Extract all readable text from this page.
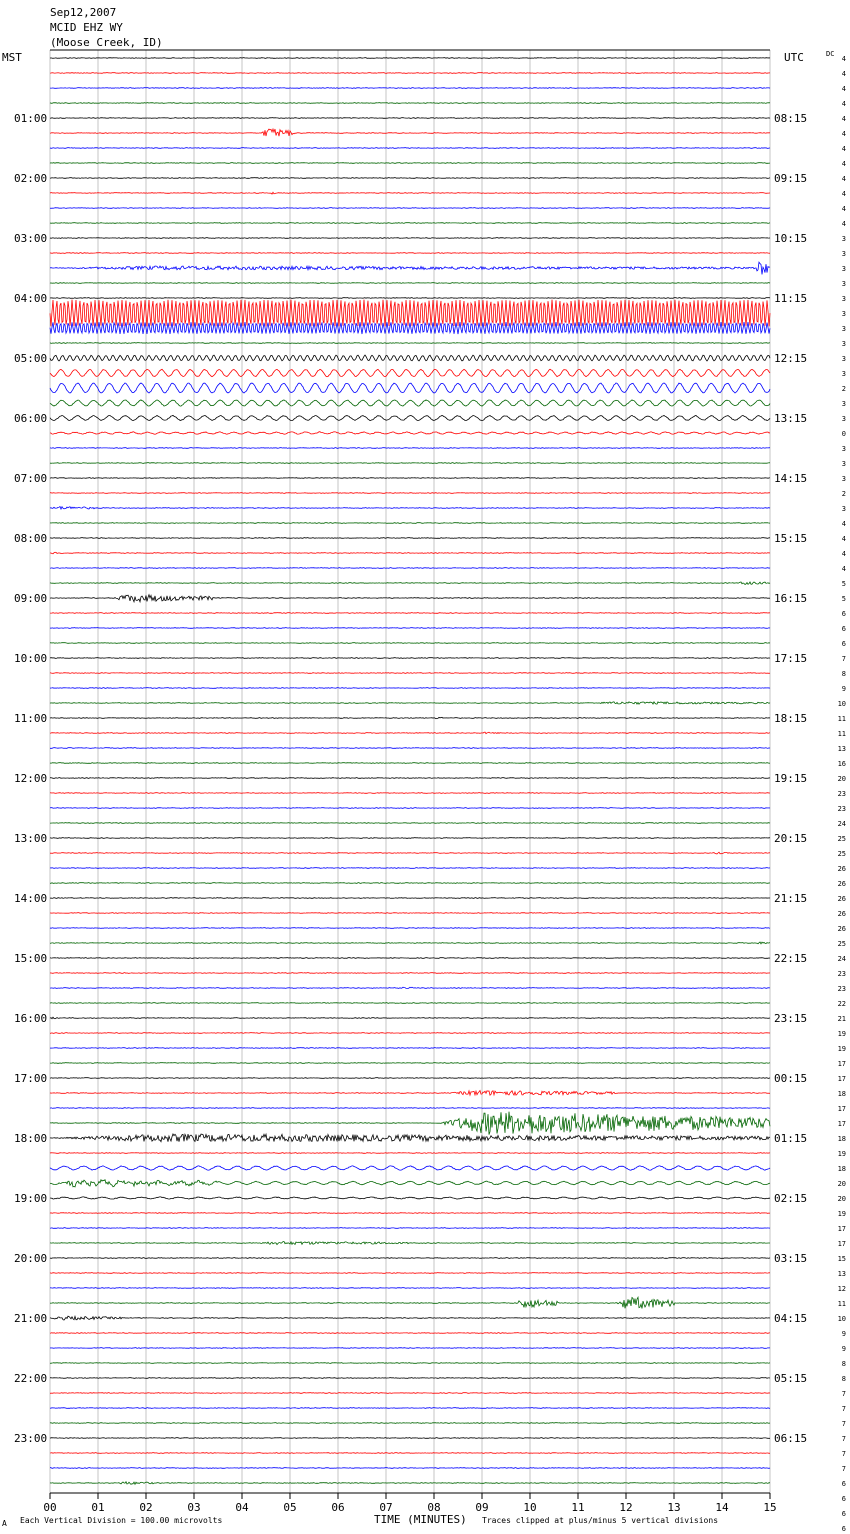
Sep12,2007
MCID EHZ WY
(Moose Creek, ID)
MST	UTC	DC
01:00
02:00
03:00
04:00
05:00
06:00
07:00
08:00
09:00
10:00
11:00
12:00
13:00
14:00
15:00
16:00
17:00
18:00
19:00
20:00
21:00
22:00
23:00
08:15
09:15
10:15
11:15
12:15
13:15
14:15
15:15
16:15
17:15
18:15
19:15
20:15
21:15
22:15
23:15
00:15
01:15
02:15
03:15
04:15
05:15
06:15
4
4
4
4
4
4
4
4
4
4
4
4
3
3
3
3
3
3
3
3
3
3
2
3
3
0
3
3
3
2
3
4
4
4
4
5
5
6
6
6
7
8
9
10
11
11
13
16
20
23
23
24
25
25
26
26
26
26
26
25
24
23
23
22
21
19
19
17
17
18
17
17
18
19
18
20
20
19
17
17
15
13
12
11
10
9
9
8
8
7
7
7
7
7
7
6
6
6
6
00	01	02	03	04	05	06	07	08	09	10	11	12	13	14	15
TIME (MINUTES)
Each Vertical Division = 100.00 microvolts	Traces clipped at plus/minus 5 vertical divisions
A
